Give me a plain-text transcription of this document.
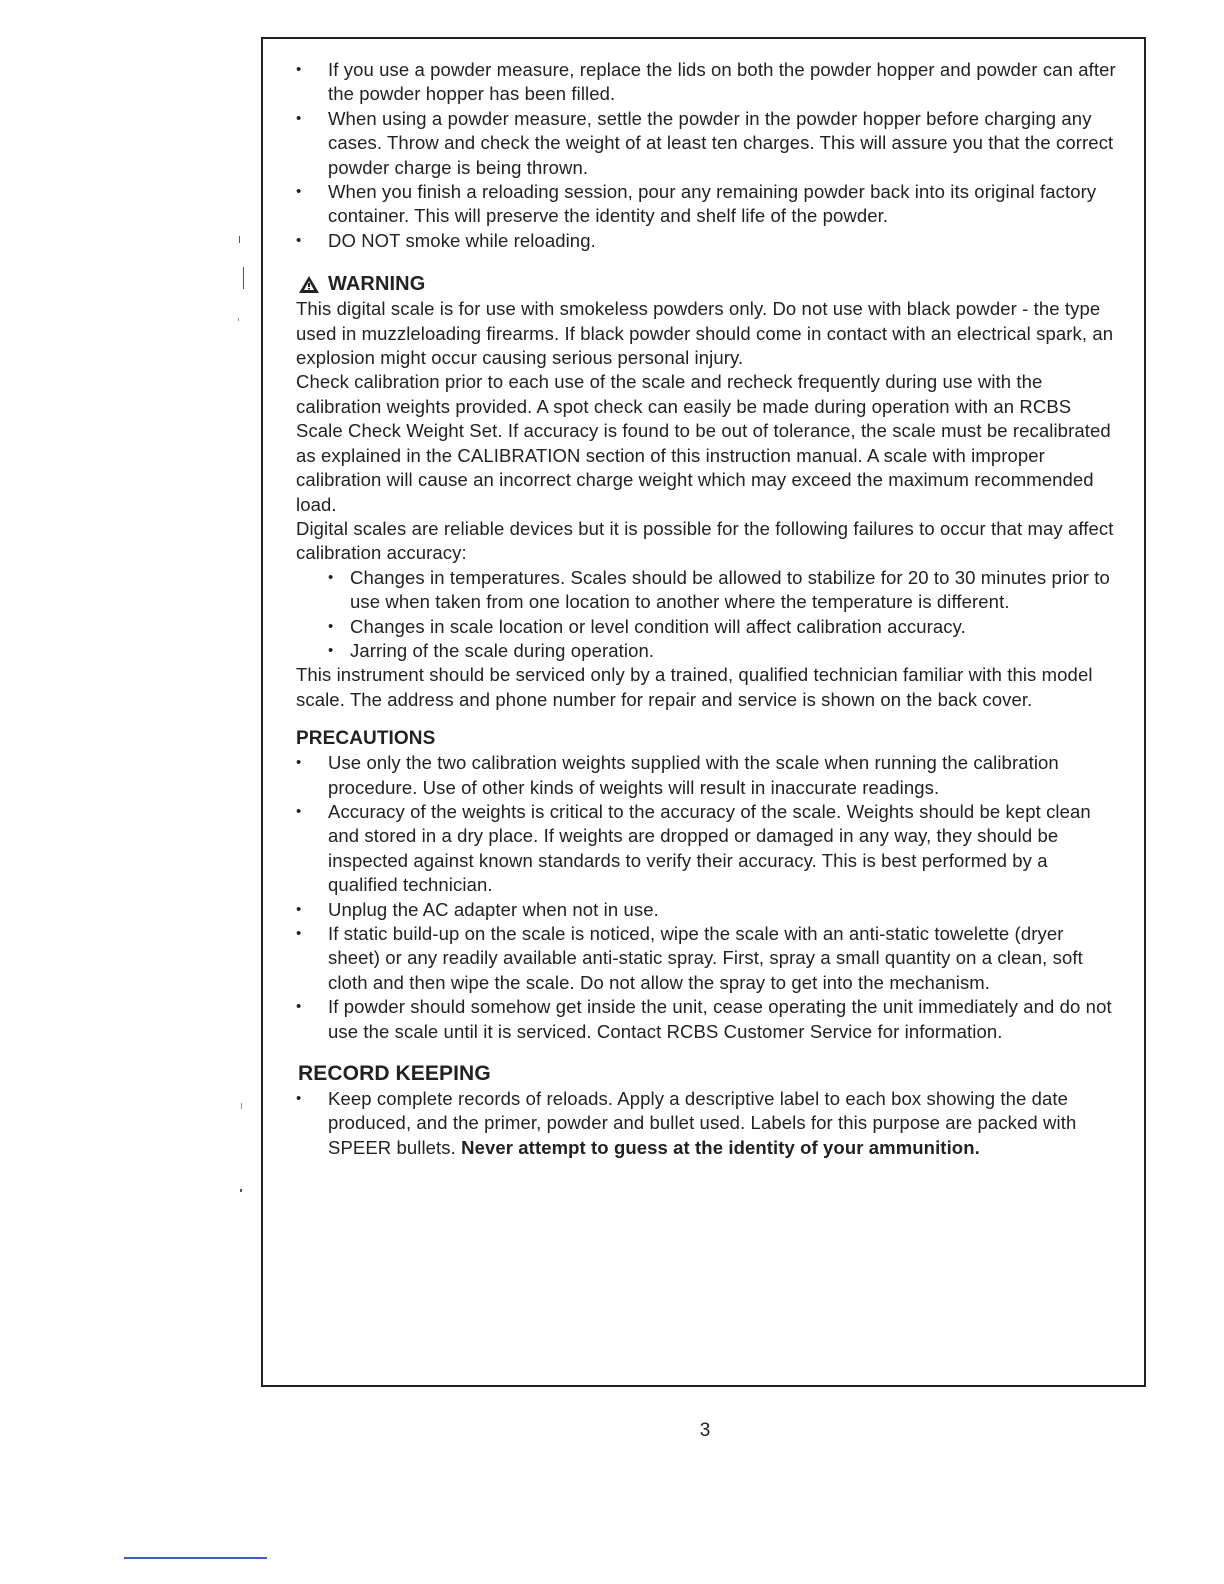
• If you use a powder measure, replace the lids on both the powder hopper and powder can after the powder hopper has been filled.
• When using a powder measure, settle the powder in the powder hopper before charging any cases. Throw and check the weight of at least ten charges. This will assure you that the correct powder charge is being thrown.
• When you finish a reloading session, pour any remaining powder back into its original factory container. This will preserve the identity and shelf life of the powder.
• DO NOT smoke while reloading.
WARNING

This digital scale is for use with smokeless powders only. Do not use with black powder - the type used in muzzleloading firearms. If black powder should come in contact with an electrical spark, an explosion might occur causing serious personal injury.

Check calibration prior to each use of the scale and recheck frequently during use with the calibration weights provided. A spot check can easily be made during operation with an RCBS Scale Check Weight Set. If accuracy is found to be out of tolerance, the scale must be recalibrated as explained in the CALIBRATION section of this instruction manual. A scale with improper calibration will cause an incorrect charge weight which may exceed the maximum recommended load.

Digital scales are reliable devices but it is possible for the following failures to occur that may affect calibration accuracy:

• Changes in temperatures. Scales should be allowed to stabilize for 20 to 30 minutes prior to use when taken from one location to another where the temperature is different.
• Changes in scale location or level condition will affect calibration accuracy.
• Jarring of the scale during operation.

This instrument should be serviced only by a trained, qualified technician familiar with this model scale. The address and phone number for repair and service is shown on the back cover.

PRECAUTIONS
• Use only the two calibration weights supplied with the scale when running the calibration procedure. Use of other kinds of weights will result in inaccurate readings.
• Accuracy of the weights is critical to the accuracy of the scale. Weights should be kept clean and stored in a dry place. If weights are dropped or damaged in any way, they should be inspected against known standards to verify their accuracy. This is best performed by a qualified technician.
• Unplug the AC adapter when not in use.
• If static build-up on the scale is noticed, wipe the scale with an anti-static towelette (dryer sheet) or any readily available anti-static spray. First, spray a small quantity on a clean, soft cloth and then wipe the scale. Do not allow the spray to get into the mechanism.
• If powder should somehow get inside the unit, cease operating the unit immediately and do not use the scale until it is serviced. Contact RCBS Customer Service for information.
RECORD KEEPING
• Keep complete records of reloads. Apply a descriptive label to each box showing the date produced, and the primer, powder and bullet used. Labels for this purpose are packed with SPEER bullets. Never attempt to guess at the identity of your ammunition.
3
